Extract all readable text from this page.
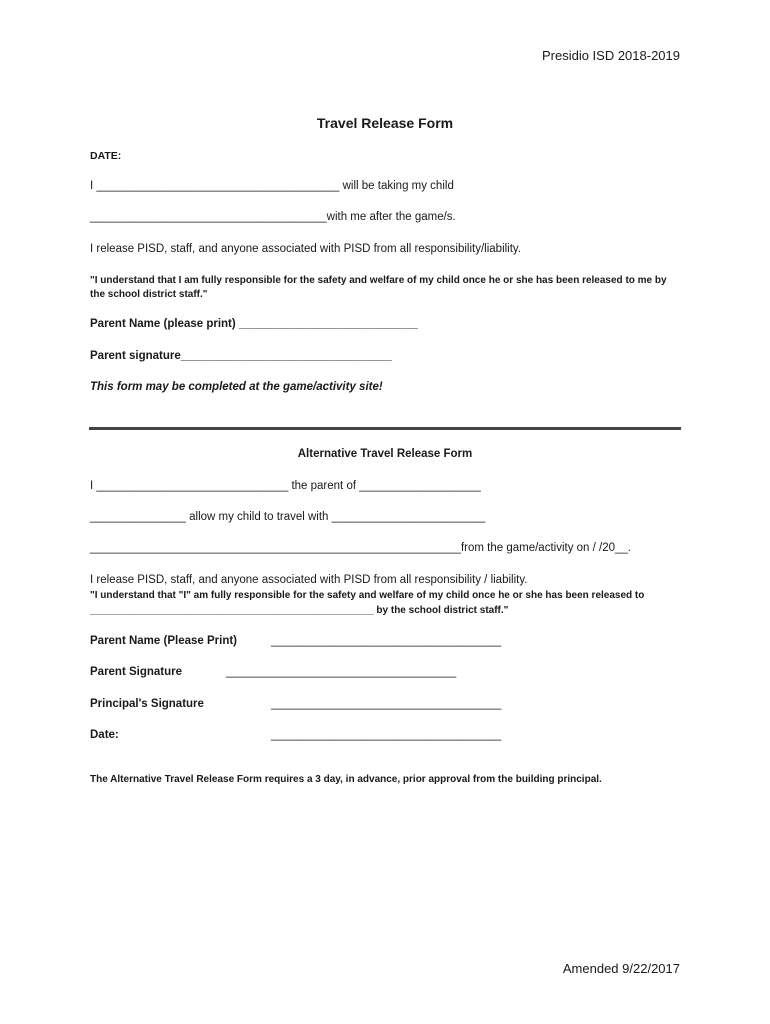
Presidio ISD 2018-2019
Travel Release Form
DATE:
I ______________________________________ will be taking my child
_____________________________________with me after the game/s.
I release PISD, staff, and anyone associated with PISD from all responsibility/liability.
"I understand that I am fully responsible for the safety and welfare of my child once he or she has been released to me by
the school district staff."
Parent Name (please print) ____________________________
Parent signature_________________________________
This form may be completed at the game/activity site!
Alternative Travel Release Form
I ______________________________ the parent of ___________________
_______________ allow my child to travel with ________________________
__________________________________________________________from the game/activity on / /20__.
I release PISD, staff, and anyone associated with PISD from all responsibility / liability.
"I understand that "I" am fully responsible for the safety and welfare of my child once he or she has been released to
___________________________________________________ by the school district staff."
Parent Name (Please Print)	____________________________________
Parent Signature	____________________________________
Principal's Signature	____________________________________
Date:	____________________________________
The Alternative Travel Release Form requires a 3 day, in advance, prior approval from the building principal.
Amended 9/22/2017
